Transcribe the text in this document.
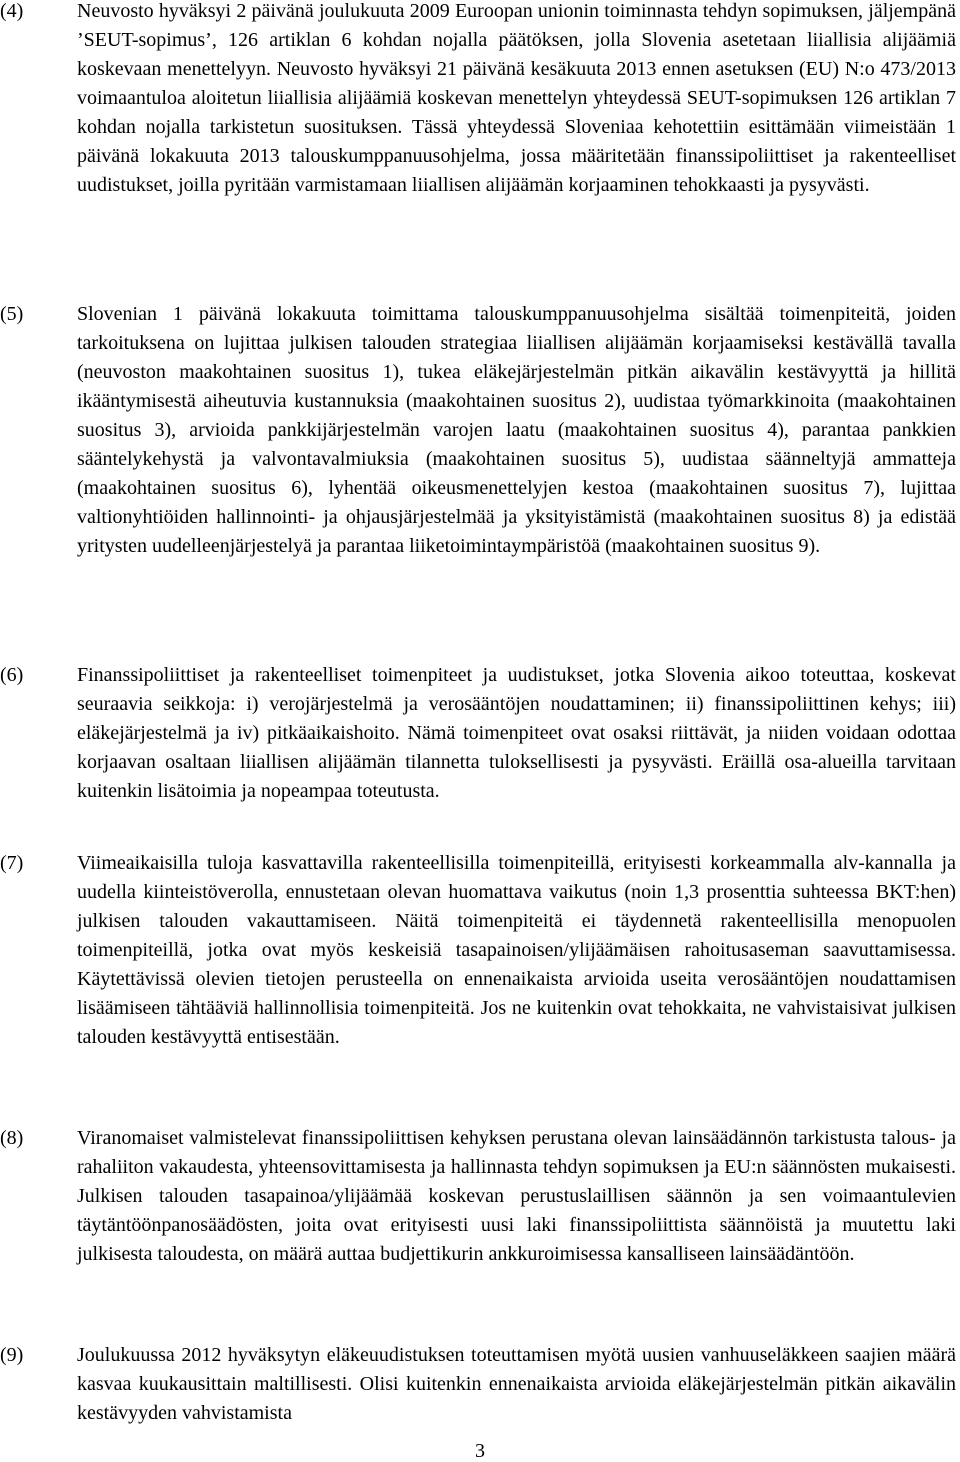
(4)	Neuvosto hyväksyi 2 päivänä joulukuuta 2009 Euroopan unionin toiminnasta tehdyn sopimuksen, jäljempänä ’SEUT-sopimus’, 126 artiklan 6 kohdan nojalla päätöksen, jolla Slovenia asetetaan liiallisia alijäämiä koskevaan menettelyyn. Neuvosto hyväksyi 21 päivänä kesäkuuta 2013 ennen asetuksen (EU) N:o 473/2013 voimaantuloa aloitetun liiallisia alijäämiä koskevan menettelyn yhteydessä SEUT-sopimuksen 126 artiklan 7 kohdan nojalla tarkistetun suosituksen. Tässä yhteydessä Sloveniaa kehotettiin esittämään viimeistään 1 päivänä lokakuuta 2013 talouskumppanuusohjelma, jossa määritetään finanssipoliittiset ja rakenteelliset uudistukset, joilla pyritään varmistamaan liiallisen alijäämän korjaaminen tehokkaasti ja pysyvästi.
(5)	Slovenian 1 päivänä lokakuuta toimittama talouskumppanuusohjelma sisältää toimenpiteitä, joiden tarkoituksena on lujittaa julkisen talouden strategiaa liiallisen alijäämän korjaamiseksi kestävällä tavalla (neuvoston maakohtainen suositus 1), tukea eläkejärjestelmän pitkän aikavälin kestävyyttä ja hillitä ikääntymisestä aiheutuvia kustannuksia (maakohtainen suositus 2), uudistaa työmarkkinoita (maakohtainen suositus 3), arvioida pankkijärjestelmän varojen laatu (maakohtainen suositus 4), parantaa pankkien sääntelykehystä ja valvontavalmiuksia (maakohtainen suositus 5), uudistaa säänneltyjä ammatteja (maakohtainen suositus 6), lyhentää oikeusmenettelyjen kestoa (maakohtainen suositus 7), lujittaa valtionyhtiöiden hallinnointi- ja ohjausjärjestelmää ja yksityistämistä (maakohtainen suositus 8) ja edistää yritysten uudelleenjärjestelyä ja parantaa liiketoimintaympäristöä (maakohtainen suositus 9).
(6)	Finanssipoliittiset ja rakenteelliset toimenpiteet ja uudistukset, jotka Slovenia aikoo toteuttaa, koskevat seuraavia seikkoja: i) verojärjestelmä ja verosääntöjen noudattaminen; ii) finanssipoliittinen kehys; iii) eläkejärjestelmä ja iv) pitkäaikaishoito. Nämä toimenpiteet ovat osaksi riittävät, ja niiden voidaan odottaa korjaavan osaltaan liiallisen alijäämän tilannetta tuloksellisesti ja pysyvästi. Eräillä osa-alueilla tarvitaan kuitenkin lisätoimia ja nopeampaa toteutusta.
(7)	Viimeaikaisilla tuloja kasvattavilla rakenteellisilla toimenpiteillä, erityisesti korkeammalla alv-kannalla ja uudella kiinteistöverolla, ennustetaan olevan huomattava vaikutus (noin 1,3 prosenttia suhteessa BKT:hen) julkisen talouden vakauttamiseen. Näitä toimenpiteitä ei täydennetä rakenteellisilla menopuolen toimenpiteillä, jotka ovat myös keskeisiä tasapainoisen/ylijäämäisen rahoitusaseman saavuttamisessa. Käytettävissä olevien tietojen perusteella on ennenaikaista arvioida useita verosääntöjen noudattamisen lisäämiseen tähtääviä hallinnollisia toimenpiteitä. Jos ne kuitenkin ovat tehokkaita, ne vahvistaisivat julkisen talouden kestävyyttä entisestään.
(8)	Viranomaiset valmistelevat finanssipoliittisen kehyksen perustana olevan lainsäädännön tarkistusta talous- ja rahaliiton vakaudesta, yhteensovittamisesta ja hallinnasta tehdyn sopimuksen ja EU:n säännösten mukaisesti. Julkisen talouden tasapainoa/ylijäämää koskevan perustuslaillisen säännön ja sen voimaantulevien täytäntöönpanosäädösten, joita ovat erityisesti uusi laki finanssipoliittista säännöistä ja muutettu laki julkisesta taloudesta, on määrä auttaa budjettikurin ankkuroimisessa kansalliseen lainsäädäntöön.
(9)	Joulukuussa 2012 hyväksytyn eläkeuudistuksen toteuttamisen myötä uusien vanhuuseläkkeen saajien määrä kasvaa kuukausittain maltillisesti. Olisi kuitenkin ennenaikaista arvioida eläkejärjestelmän pitkän aikavälin kestävyyden vahvistamista
3
